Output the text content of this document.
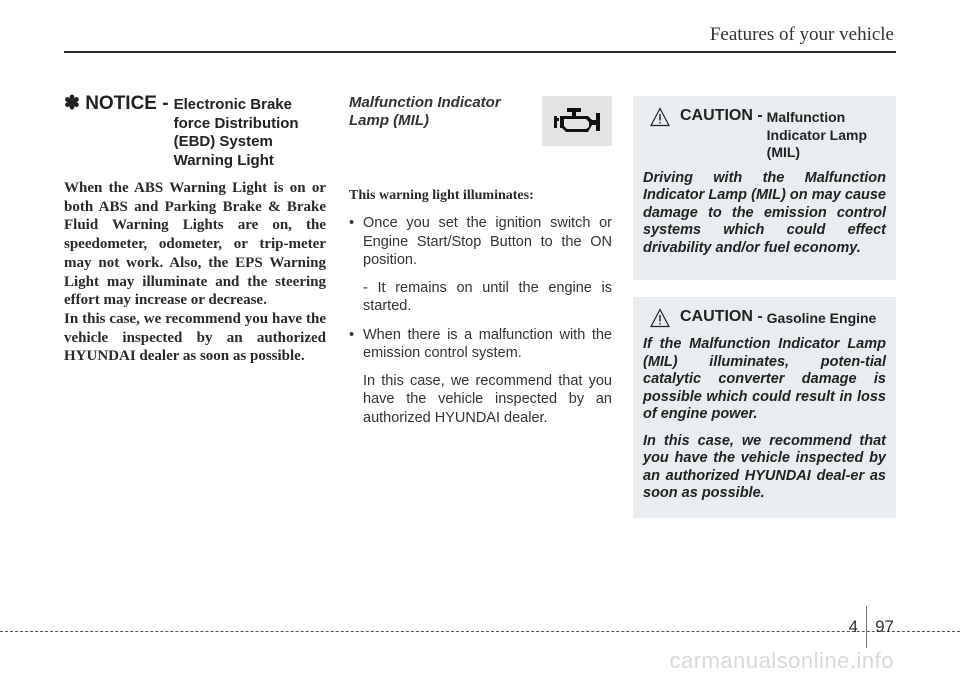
Features of your vehicle
✽ NOTICE - Electronic Brake force Distribution (EBD) System Warning Light

When the ABS Warning Light is on or both ABS and Parking Brake & Brake Fluid Warning Lights are on, the speedometer, odometer, or trip-meter may not work. Also, the EPS Warning Light may illuminate and the steering effort may increase or decrease.

In this case, we recommend you have the vehicle inspected by an authorized HYUNDAI dealer as soon as possible.

Malfunction Indicator Lamp (MIL)
This warning light illuminates:
• Once you set the ignition switch or Engine Start/Stop Button to the ON position.
- It remains on until the engine is started.
• When there is a malfunction with the emission control system.
In this case, we recommend that you have the vehicle inspected by an authorized HYUNDAI dealer.
CAUTION - Malfunction Indicator Lamp (MIL)

Driving with the Malfunction Indicator Lamp (MIL) on may cause damage to the emission control systems which could effect drivability and/or fuel economy.

CAUTION - Gasoline Engine

If the Malfunction Indicator Lamp (MIL) illuminates, poten-tial catalytic converter damage is possible which could result in loss of engine power.

In this case, we recommend that you have the vehicle inspected by an authorized HYUNDAI deal-er as soon as possible.

4 97
carmanualsonline.info
